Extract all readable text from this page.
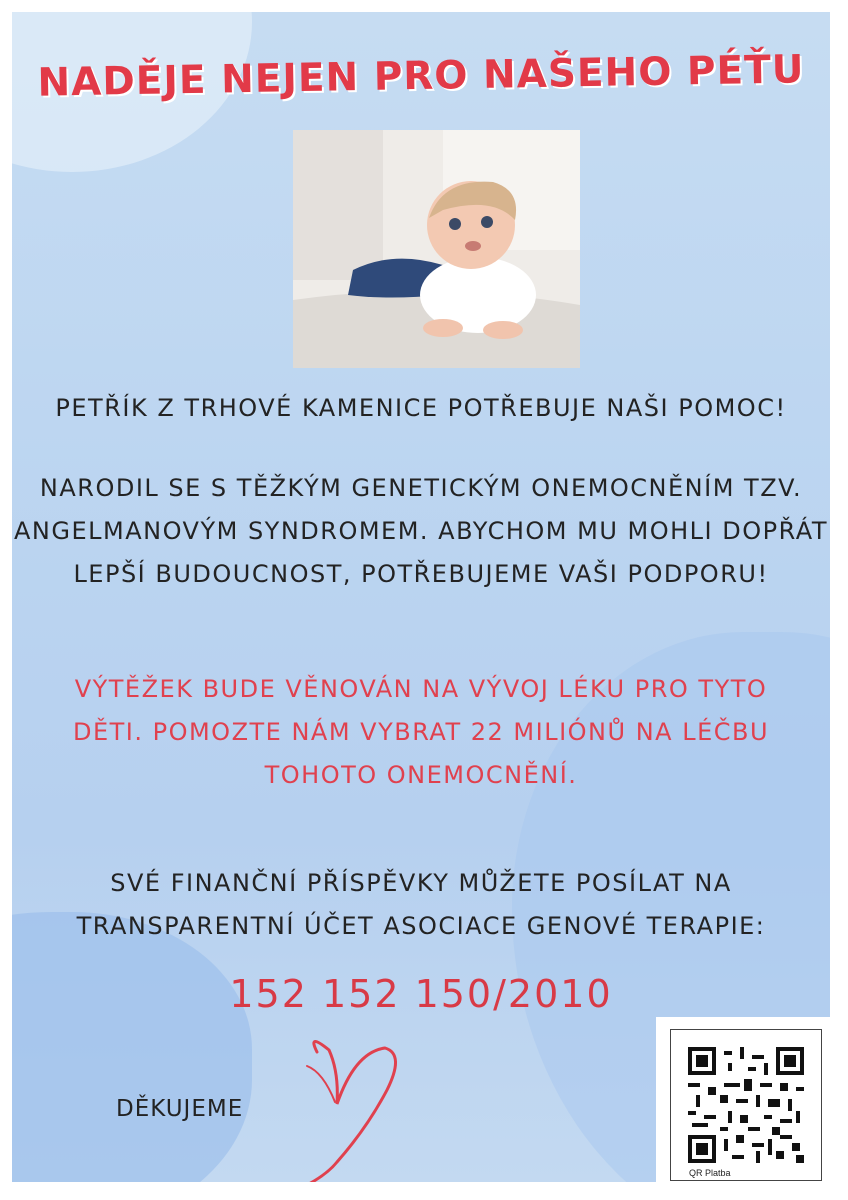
NADĚJE NEJEN PRO NAŠEHO PÉŤU
PETŘÍK Z TRHOVÉ KAMENICE POTŘEBUJE NAŠI POMOC!
NARODIL SE S TĚŽKÝM GENETICKÝM ONEMOCNĚNÍM TZV.
ANGELMANOVÝM SYNDROMEM. ABYCHOM MU MOHLI DOPŘÁT
LEPŠÍ BUDOUCNOST, POTŘEBUJEME VAŠI PODPORU!
VÝTĚŽEK BUDE VĚNOVÁN NA VÝVOJ LÉKU PRO TYTO
DĚTI. POMOZTE NÁM VYBRAT 22 MILIÓNŮ NA LÉČBU
TOHOTO ONEMOCNĚNÍ.
SVÉ FINANČNÍ PŘÍSPĚVKY MŮŽETE POSÍLAT NA
TRANSPARENTNÍ ÚČET ASOCIACE GENOVÉ TERAPIE:
152 152 150/2010
DĚKUJEME
QR Platba
